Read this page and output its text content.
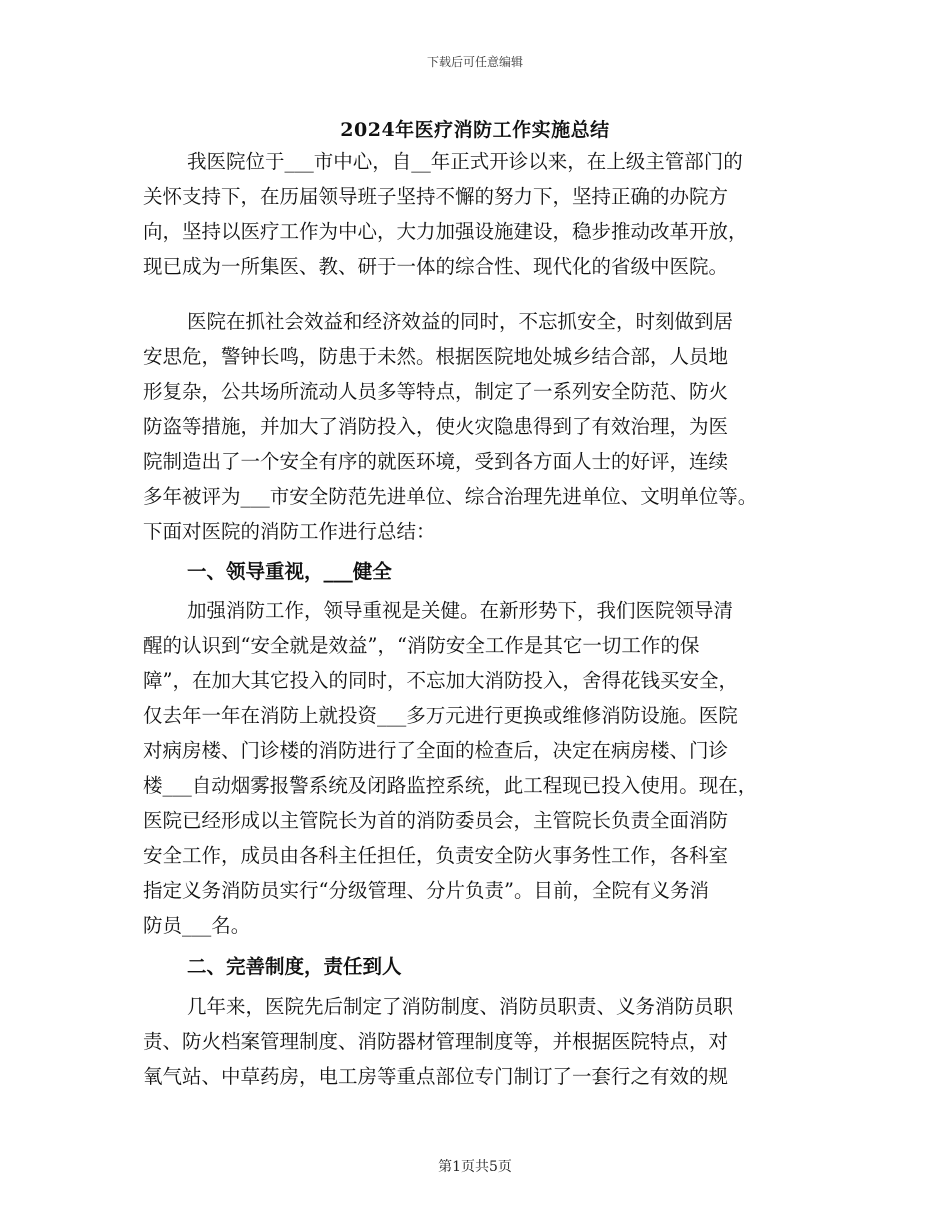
下载后可任意编辑
2024年医疗消防工作实施总结
我医院位于___市中心，自__年正式开诊以来，在上级主管部门的
关怀支持下，在历届领导班子坚持不懈的努力下，坚持正确的办院方
向，坚持以医疗工作为中心，大力加强设施建设，稳步推动改革开放，
现已成为一所集医、教、研于一体的综合性、现代化的省级中医院。
医院在抓社会效益和经济效益的同时，不忘抓安全，时刻做到居
安思危，警钟长鸣，防患于未然。根据医院地处城乡结合部，人员地
形复杂，公共场所流动人员多等特点，制定了一系列安全防范、防火
防盗等措施，并加大了消防投入，使火灾隐患得到了有效治理，为医
院制造出了一个安全有序的就医环境，受到各方面人士的好评，连续
多年被评为___市安全防范先进单位、综合治理先进单位、文明单位等。
下面对医院的消防工作进行总结：
一、领导重视，___健全
加强消防工作，领导重视是关健。在新形势下，我们医院领导清
醒的认识到“安全就是效益”，“消防安全工作是其它一切工作的保
障”，在加大其它投入的同时，不忘加大消防投入，舍得花钱买安全，
仅去年一年在消防上就投资___多万元进行更换或维修消防设施。医院
对病房楼、门诊楼的消防进行了全面的检查后，决定在病房楼、门诊
楼___自动烟雾报警系统及闭路监控系统，此工程现已投入使用。现在，
医院已经形成以主管院长为首的消防委员会，主管院长负责全面消防
安全工作，成员由各科主任担任，负责安全防火事务性工作，各科室
指定义务消防员实行“分级管理、分片负责”。目前，全院有义务消
防员___名。
二、完善制度，责任到人
几年来，医院先后制定了消防制度、消防员职责、义务消防员职
责、防火档案管理制度、消防器材管理制度等，并根据医院特点，对
氧气站、中草药房，电工房等重点部位专门制订了一套行之有效的规
第1页共5页
